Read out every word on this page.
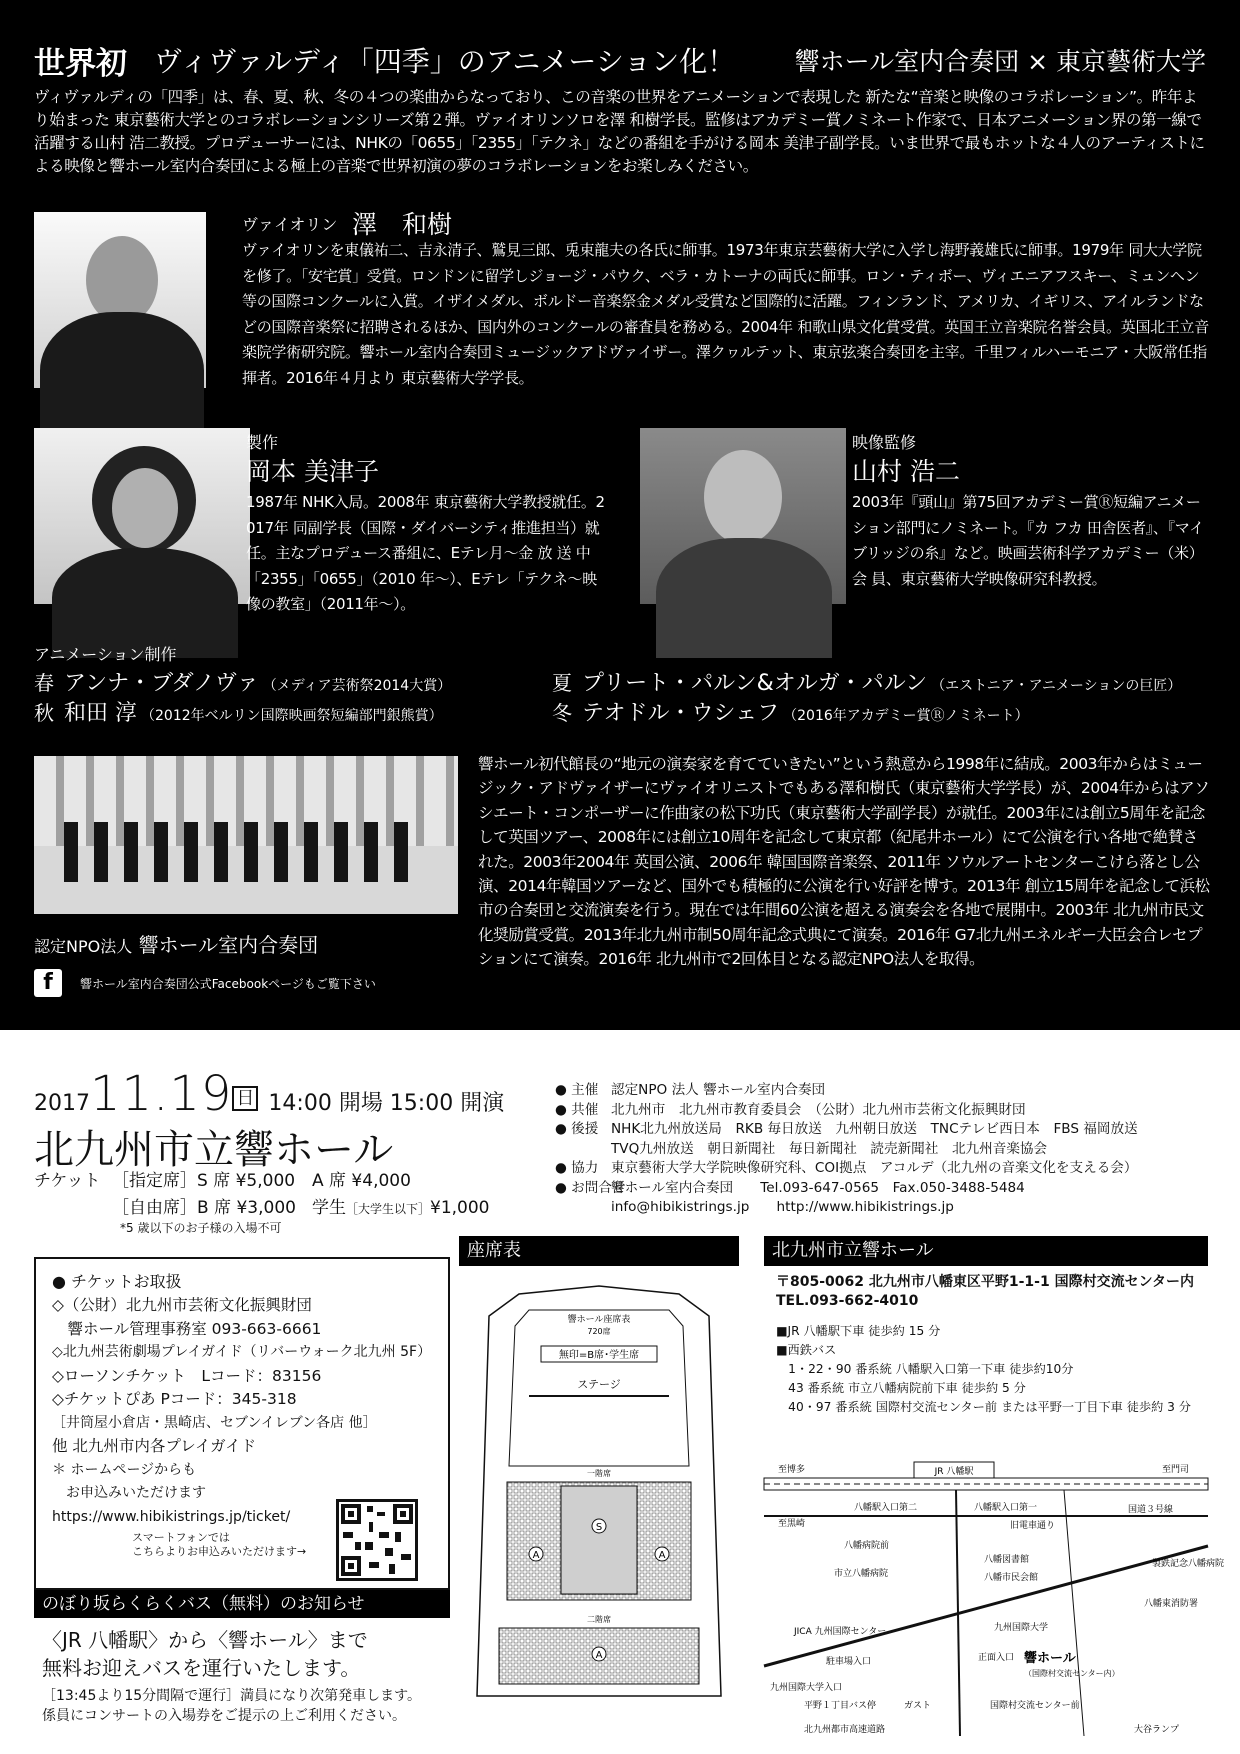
世界初 ヴィヴァルディ「四季」のアニメーション化！ 響ホール室内合奏団 × 東京藝術大学
ヴィヴァルディの「四季」は、春、夏、秋、冬の４つの楽曲からなっており、この音楽の世界をアニメーションで表現した 新たな“音楽と映像のコラボレーション”。昨年より始まった 東京藝術大学とのコラボレーションシリーズ第２弾。ヴァイオリンソロを澤 和樹学長。監修はアカデミー賞ノミネート作家で、日本アニメーション界の第一線で活躍する山村 浩二教授。プロデューサーには、NHKの「0655」「2355」「テクネ」などの番組を手がける岡本 美津子副学長。いま世界で最もホットな４人のアーティストによる映像と響ホール室内合奏団による極上の音楽で世界初演の夢のコラボレーションをお楽しみください。
ヴァイオリン 澤　和樹
ヴァイオリンを東儀祐二、吉永清子、鷲見三郎、兎束龍夫の各氏に師事。1973年東京芸藝術大学に入学し海野義雄氏に師事。1979年 同大大学院を修了。「安宅賞」受賞。ロンドンに留学しジョージ・パウク、ベラ・カトーナの両氏に師事。ロン・ティボー、ヴィエニアフスキー、ミュンヘン等の国際コンクールに入賞。イザイメダル、ボルドー音楽祭金メダル受賞など国際的に活躍。フィンランド、アメリカ、イギリス、アイルランドなどの国際音楽祭に招聘されるほか、国内外のコンクールの審査員を務める。2004年 和歌山県文化賞受賞。英国王立音楽院名誉会員。英国北王立音楽院学術研究院。響ホール室内合奏団ミュージックアドヴァイザー。澤クヮルテット、東京弦楽合奏団を主宰。千里フィルハーモニア・大阪常任指揮者。2016年４月より 東京藝術大学学長。
製作
岡本 美津子
1987年 NHK入局。2008年 東京藝術大学教授就任。2017年 同副学長（国際・ダイバーシティ推進担当）就任。主なプロデュース番組に、Eテレ月～金 放 送 中「2355」「0655」（2010 年～）、Eテレ「テクネ～映像の教室」（2011年～）。
映像監修
山村 浩二
2003年『頭山』第75回アカデミー賞Ⓡ短編アニメーション部門にノミネート。『カ フカ 田舎医者』、『マイブリッジの糸』など。映画芸術科学アカデミー（米）会 員、東京藝術大学映像研究科教授。
アニメーション制作
春 アンナ・ブダノヴァ （メディア芸術祭2014大賞）
秋 和田 淳 （2012年ベルリン国際映画祭短編部門銀熊賞）
夏 プリート・パルン&オルガ・パルン （エストニア・アニメーションの巨匠）
冬 テオドル・ウシェフ （2016年アカデミー賞Ⓡノミネート）
認定NPO法人 響ホール室内合奏団
f	響ホール室内合奏団公式Facebookページもご覧下さい
響ホール初代館長の“地元の演奏家を育てていきたい”という熱意から1998年に結成。2003年からはミュージック・アドヴァイザーにヴァイオリニストでもある澤和樹氏（東京藝術大学学長）が、2004年からはアソシエート・コンポーザーに作曲家の松下功氏（東京藝術大学副学長）が就任。2003年には創立5周年を記念して英国ツアー、2008年には創立10周年を記念して東京都（紀尾井ホール）にて公演を行い各地で絶賛された。2003年2004年 英国公演、2006年 韓国国際音楽祭、2011年 ソウルアートセンターこけら落とし公演、2014年韓国ツアーなど、国外でも積極的に公演を行い好評を博す。2013年 創立15周年を記念して浜松市の合奏団と交流演奏を行う。現在では年間60公演を超える演奏会を各地で展開中。2003年 北九州市民文化奨励賞受賞。2013年北九州市制50周年記念式典にて演奏。2016年 G7北九州エネルギー大臣会合レセプションにて演奏。2016年 北九州市で2回体目となる認定NPO法人を取得。
201711.19 日 14:00 開場 15:00 開演
北九州市立響ホール
チケット ［指定席］S 席 ¥5,000 A 席 ¥4,000
［自由席］B 席 ¥3,000 学生［大学生以下］¥1,000
*5 歳以下のお子様の入場不可
● 主催 認定NPO 法人 響ホール室内合奏団
● 共催 北九州市　北九州市教育委員会　（公財）北九州市芸術文化振興財団
● 後援 NHK北九州放送局　RKB 毎日放送　九州朝日放送　TNCテレビ西日本　FBS 福岡放送
TVQ九州放送　朝日新聞社　毎日新聞社　読売新聞社　北九州音楽協会
● 協力 東京藝術大学大学院映像研究科、COI拠点　アコルデ（北九州の音楽文化を支える会）
● お問合せ
響ホール室内合奏団　　Tel.093-647-0565　Fax.050-3488-5484
info@hibikistrings.jp　　http://www.hibikistrings.jp
● チケットお取扱
◇（公財）北九州市芸術文化振興財団
　響ホール管理事務室 093-663-6661
◇北九州芸術劇場プレイガイド（リバーウォーク北九州 5F）
◇ローソンチケット　Lコード：83156
◇チケットぴあ Pコード：345-318
［井筒屋小倉店・黒崎店、セブンイレブン各店 他］
他 北九州市内各プレイガイド
＊ ホームページからも
　お申込みいただけます
https://www.hibikistrings.jp/ticket/
スマートフォンでは
こちらよりお申込みいただけます→
のぼり坂らくらくバス（無料）のお知らせ
〈JR 八幡駅〉から〈響ホール〉まで
無料お迎えバスを運行いたします。
［13:45より15分間隔で運行］満員になり次第発車します。
係員にコンサートの入場券をご提示の上ご利用ください。
座席表
響ホール座席表
720席
無印=B席･学生席
ステージ
一階席
S
A	A
二階席
A
北九州市立響ホール
〒805-0062 北九州市八幡東区平野1-1-1 国際村交流センター内
TEL.093-662-4010
■JR 八幡駅下車 徒歩約 15 分
■西鉄バス
　1・22・90 番系統 八幡駅入口第一下車 徒歩約10分
　43 番系統 市立八幡病院前下車 徒歩約 5 分
　40・97 番系統 国際村交流センター前 または平野一丁目下車 徒歩約 3 分
至博多	JR 八幡駅	至門司
至黒崎
国道３号線
八幡駅入口第二	八幡駅入口第一
旧電車通り
八幡病院前
八幡図書館
八幡市民会館
市立八幡病院
JICA 九州国際センター	九州国際大学
駐車場入口	正面入口 響ホール
（国際村交流センター内）
九州国際大学入口
平野１丁目バス停	ガスト	国際村交流センター前
北九州都市高速道路	大谷ランプ
八幡東消防署
製鉄記念八幡病院
